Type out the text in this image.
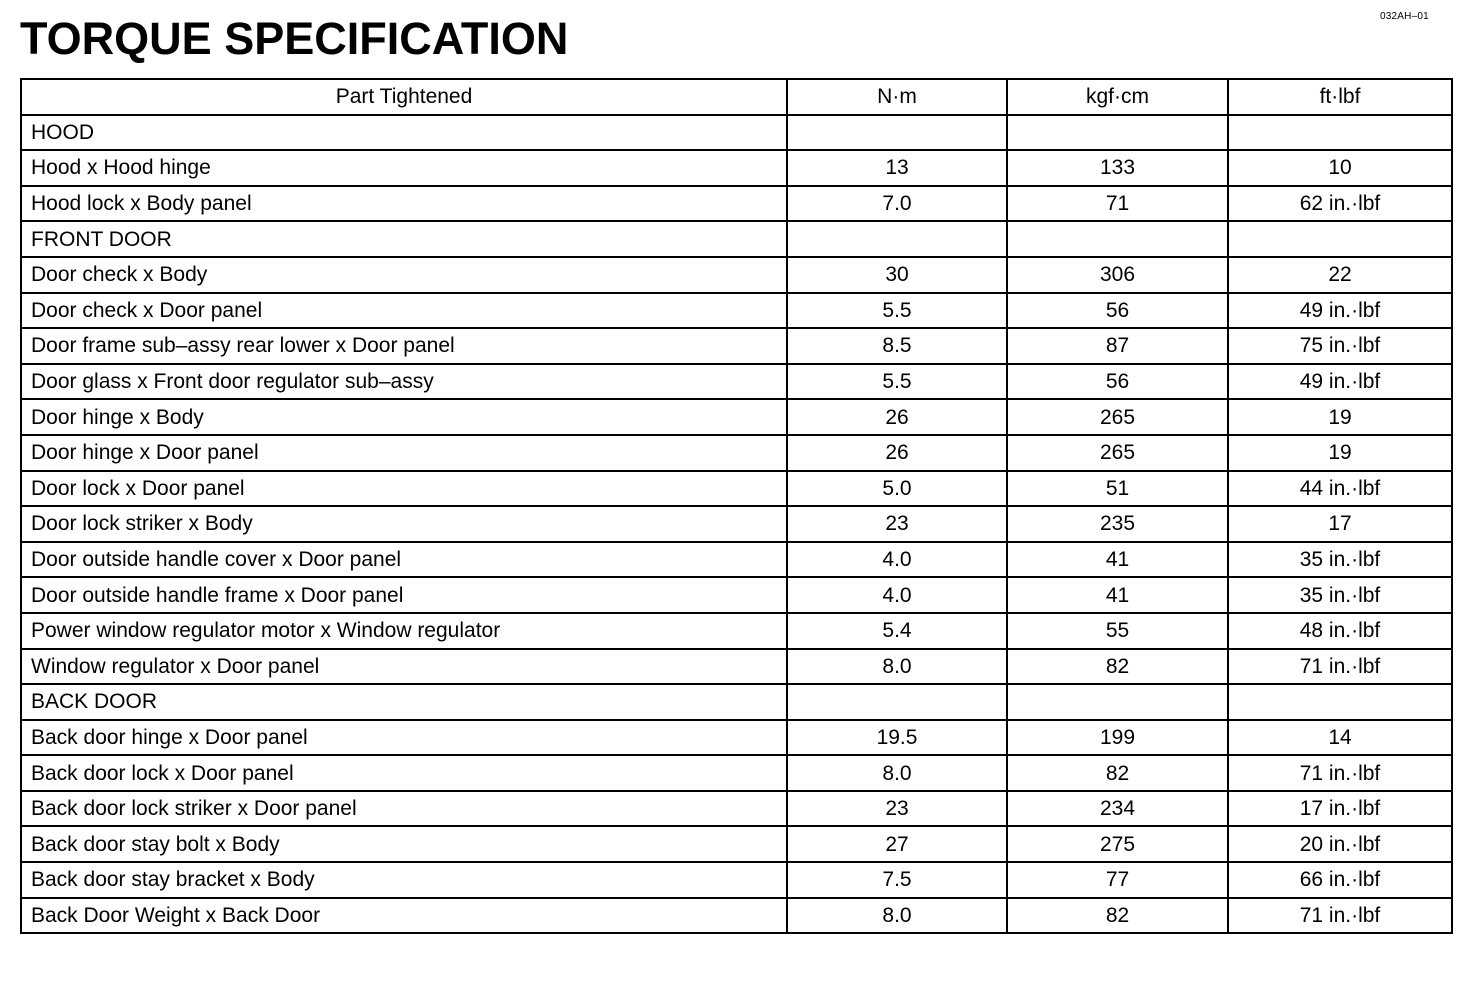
032AH–01
TORQUE SPECIFICATION
Part Tightened	N·m	kgf·cm	ft·lbf
HOOD			
Hood x Hood hinge	13	133	10
Hood lock x Body panel	7.0	71	62 in.·lbf
FRONT DOOR			
Door check x Body	30	306	22
Door check x Door panel	5.5	56	49 in.·lbf
Door frame sub–assy rear lower x Door panel	8.5	87	75 in.·lbf
Door glass x Front door regulator sub–assy	5.5	56	49 in.·lbf
Door hinge x Body	26	265	19
Door hinge x Door panel	26	265	19
Door lock x Door panel	5.0	51	44 in.·lbf
Door lock striker x Body	23	235	17
Door outside handle cover x Door panel	4.0	41	35 in.·lbf
Door outside handle frame x Door panel	4.0	41	35 in.·lbf
Power window regulator motor x Window regulator	5.4	55	48 in.·lbf
Window regulator x Door panel	8.0	82	71 in.·lbf
BACK DOOR			
Back door hinge x Door panel	19.5	199	14
Back door lock x Door panel	8.0	82	71 in.·lbf
Back door lock striker x Door panel	23	234	17 in.·lbf
Back door stay bolt x Body	27	275	20 in.·lbf
Back door stay bracket x Body	7.5	77	66 in.·lbf
Back Door Weight x Back Door	8.0	82	71 in.·lbf
